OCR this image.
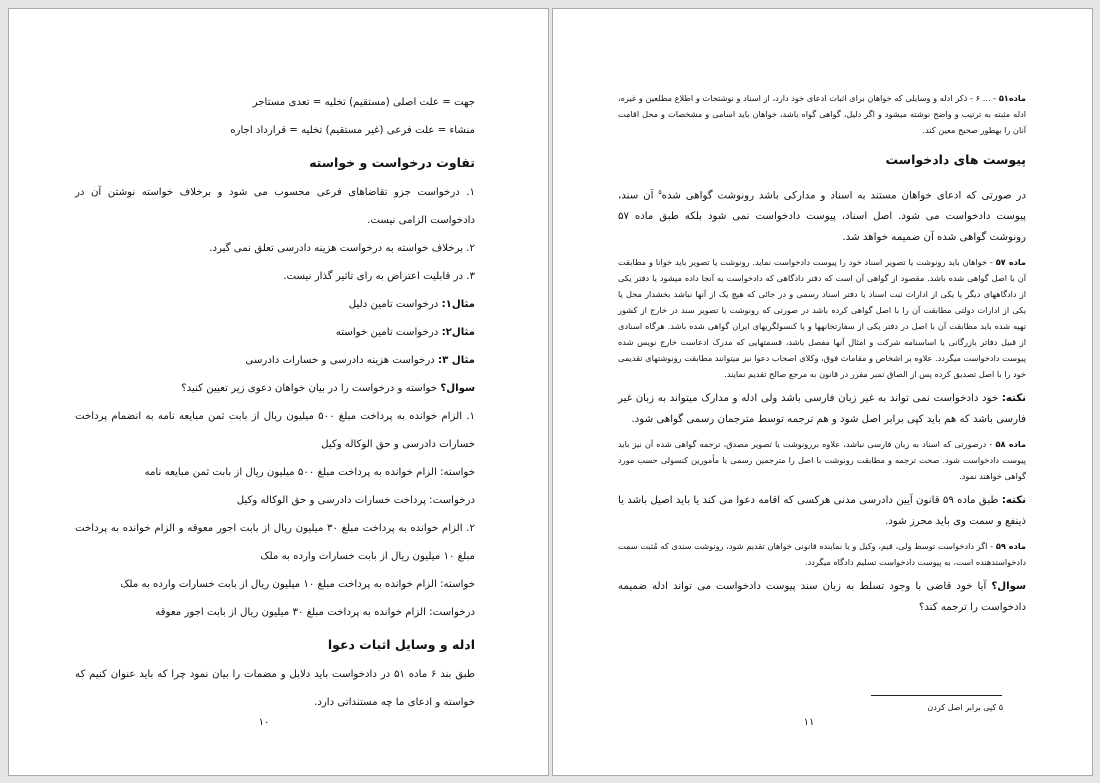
جهت = علت اصلی (مستقیم) تخلیه = تعدی مستاجر

منشاء = علت فرعی (غیر مستقیم) تخلیه = قرارداد اجاره

تفاوت درخواست و خواسته

۱. درخواست جزو تقاضاهای فرعی محسوب می شود و برخلاف خواسته نوشتن آن در دادخواست الزامی نیست.

۲. برخلاف خواسته به درخواست هزینه دادرسی تعلق نمی گیرد.

۳. در قابلیت اعتراض به رای تاثیر گذار نیست.

مثال۱: درخواست تامین دلیل

مثال۲: درخواست تامین خواسته

مثال ۳: درخواست هزینه دادرسی و خسارات دادرسی

سوال؟ خواسته و درخواست را در بیان خواهان دعوی زیر تعیین کنید؟

۱. الزام خوانده به پرداخت مبلغ ۵۰۰ میلیون ریال از بابت ثمن مبایعه نامه به انضمام پرداخت خسارات دادرسی و حق الوکاله وکیل

خواسته: الزام خوانده به پرداخت مبلغ ۵۰۰ میلیون ریال از بابت ثمن مبایعه نامه

درخواست: پرداخت خسارات دادرسی و حق الوکاله وکیل

۲. الزام خوانده به پرداخت مبلغ ۳۰ میلیون ریال از بابت اجور معوقه و الزام خوانده به پرداخت مبلغ ۱۰ میلیون ریال از بابت خسارات وارده به ملک

خواسته: الزام خوانده به پرداخت مبلغ ۱۰ میلیون ریال از بابت خسارات وارده به ملک

درخواست: الزام خوانده به پرداخت مبلغ ۳۰ میلیون ریال از بابت اجور معوقه

ادله و وسایل اثبات دعوا

طبق بند ۶ ماده ۵۱ در دادخواست باید دلایل و مضمات را بیان نمود چرا که باید عنوان کنیم که خواسته و ادعای ما چه مستنداتی دارد.

۱۰

ماده۵۱ - ... ۶ - ذکر ادله و وسایلی که خواهان برای اثبات ادعای خود دارد، از اسناد و نوشتجات و اطلاع مطلعین و غیره، ادله مثبته به ترتیب و واضح نوشته میشود و اگر دلیل، گواهی گواه باشد، خواهان باید اسامی و مشخصات و محل اقامت آنان را بهطور صحیح معین کند.

پیوست های دادخواست

در صورتی که ادعای خواهان مستند به اسناد و مدارکی باشد رونوشت گواهی شده$^۵$ آن سند، پیوست دادخواست می شود. اصل اسناد، پیوست دادخواست نمی شود بلکه طبق ماده ۵۷ رونوشت گواهی شده آن ضمیمه خواهد شد.

ماده ۵۷ - خواهان باید رونوشت یا تصویر اسناد خود را پیوست دادخواست نماید. رونوشت یا تصویر باید خوانا و مطابقت آن با اصل گواهی شده باشد. مقصود از گواهی آن است که دفتر دادگاهی که دادخواست به آنجا داده میشود یا دفتر یکی از دادگاههای دیگر یا یکی از ادارات ثبت اسناد یا دفتر اسناد رسمی و در جائی که هیچ یک از آنها نباشد بخشدار محل یا یکی از ادارات دولتی مطابقت آن را با اصل گواهی کرده باشد در صورتی که رونوشت یا تصویر سند در خارج از کشور تهیه شده باید مطابقت آن با اصل در دفتر یکی از سفارتخانهها و یا کنسولگریهای ایران گواهی شده باشد. هرگاه اسنادی از قبیل دفاتر بازرگانی یا اساسنامه شرکت و امثال آنها مفصل باشد، قسمتهایی که مدرک ادعاست خارج نویس شده پیوست دادخواست میگردد. علاوه بر اشخاص و مقامات فوق، وکلای اصحاب دعوا نیز میتوانند مطابقت رونوشتهای تقدیمی خود را با اصل تصدیق کرده پس از الصاق تمبر مقرر در قانون به مرجع صالح تقدیم نمایند.

نکته: خود دادخواست نمی تواند به غیر زبان فارسی باشد ولی ادله و مدارک میتواند به زبان غیر فارسی باشد که هم باید کپی برابر اصل شود و هم ترجمه توسط مترجمان رسمی گواهی شود.

ماده ۵۸ - درصورتی که اسناد به زبان فارسی نباشد، علاوه بررونوشت یا تصویر مصدق، ترجمه گواهی شده آن نیز باید پیوست دادخواست شود. صحت ترجمه و مطابقت رونوشت با اصل را مترجمین رسمی یا مأمورین کنسولی حسب مورد گواهی خواهند نمود.

نکته: طبق ماده ۵۹ قانون آیین دادرسی مدنی هرکسی که اقامه دعوا می کند یا باید اصیل باشد یا ذینفع و سمت وی باید محرز شود.

ماده ۵۹ - اگر دادخواست توسط ولی، قیم، وکیل و یا نماینده قانونی خواهان تقدیم شود، رونوشت سندی که مُثبت سمت دادخواستدهنده است، به پیوست دادخواست تسلیم دادگاه میگردد.

سوال؟ آیا خود قاضی با وجود تسلط به زبان سند پیوست دادخواست می تواند ادله ضمیمه دادخواست را ترجمه کند؟

۵ کپی برابر اصل کردن
۱۱
